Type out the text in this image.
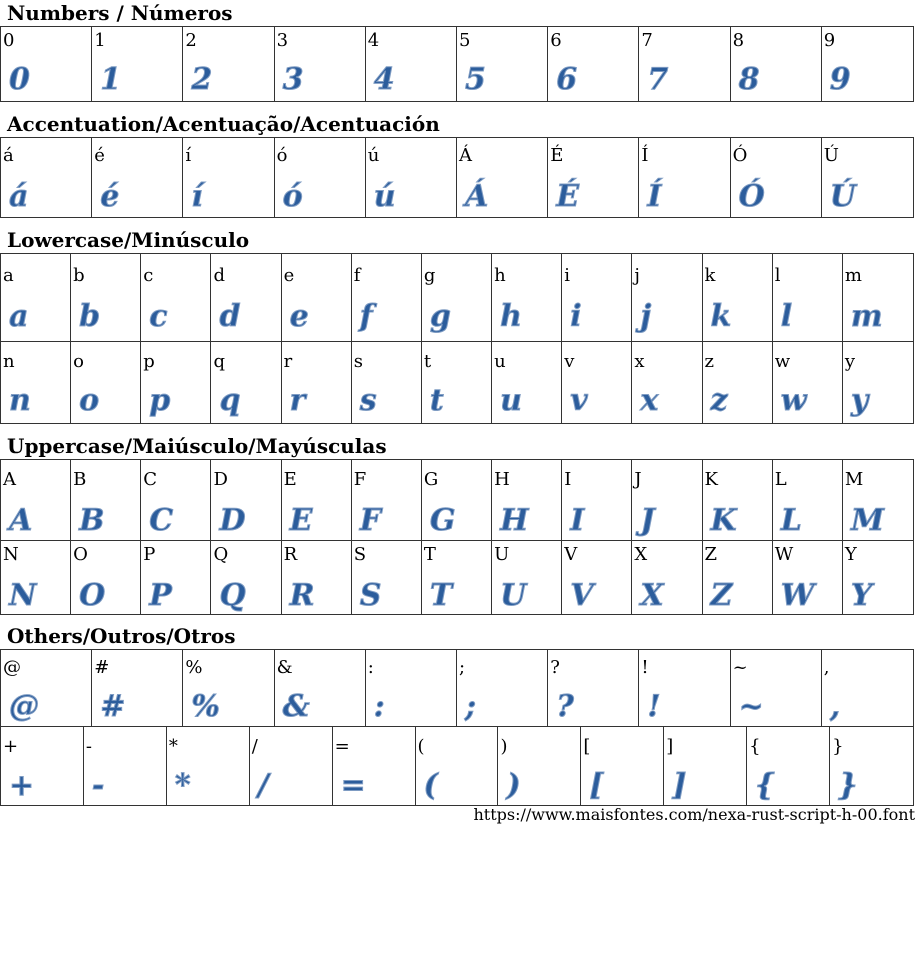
Numbers / Números
0
0
1
1
2
2
3
3
4
4
5
5
6
6
7
7
8
8
9
9
Accentuation/Acentuação/Acentuación
á
á
é
é
í
í
ó
ó
ú
ú
Á
Á
É
É
Í
Í
Ó
Ó
Ú
Ú
Lowercase/Minúsculo
a
a
b
b
c
c
d
d
e
e
f
f
g
g
h
h
i
i
j
j
k
k
l
l
m
m
n
n
o
o
p
p
q
q
r
r
s
s
t
t
u
u
v
v
x
x
z
z
w
w
y
y
Uppercase/Maiúsculo/Mayúsculas
A
A
B
B
C
C
D
D
E
E
F
F
G
G
H
H
I
I
J
J
K
K
L
L
M
M
N
N
O
O
P
P
Q
Q
R
R
S
S
T
T
U
U
V
V
X
X
Z
Z
W
W
Y
Y
Others/Outros/Otros
@
@
#
#
%
%
&
&
:
:
;
;
?
?
!
!
~
~
,
,
+
+
-
-
*
*
/
/
=
=
(
(
)
)
[
[
]
]
{
{
}
}
https://www.maisfontes.com/nexa-rust-script-h-00.font
